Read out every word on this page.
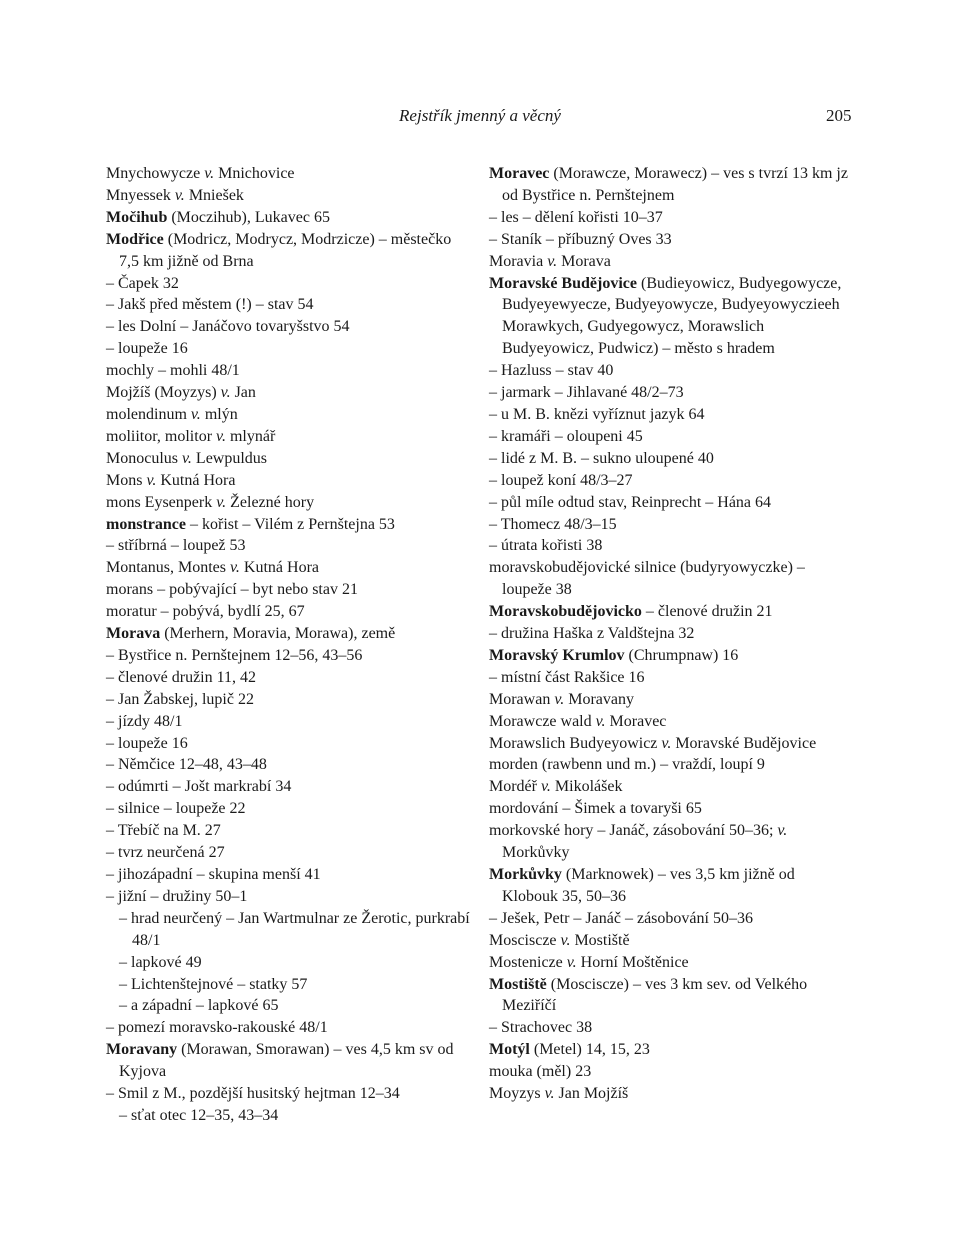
Rejstřík jmenný a věcný	205
Mnychowycze v. Mnichovice
Mnyessek v. Mniešek
Močihub (Moczihub), Lukavec 65
Modřice (Modricz, Modrycz, Modrzicze) – městečko 7,5 km jižně od Brna
– Čapek 32
– Jakš před městem (!) – stav 54
– les Dolní – Janáčovo tovaryšstvo 54
– loupeže 16
mochly – mohli 48/1
Mojžíš (Moyzys) v. Jan
molendinum v. mlýn
moliitor, molitor v. mlynář
Monoculus v. Lewpuldus
Mons v. Kutná Hora
mons Eysenperk v. Železné hory
monstrance – kořist – Vilém z Pernštejna 53
– stříbrná – loupež 53
Montanus, Montes v. Kutná Hora
morans – pobývající – byt nebo stav 21
moratur – pobývá, bydlí 25, 67
Morava (Merhern, Moravia, Morawa), země
– Bystřice n. Pernštejnem 12–56, 43–56
– členové družin 11, 42
– Jan Žabskej, lupič 22
– jízdy 48/1
– loupeže 16
– Němčice 12–48, 43–48
– odúmrti – Jošt markrabí 34
– silnice – loupeže 22
– Třebíč na M. 27
– tvrz neurčená 27
– jihozápadní – skupina menší 41
– jižní – družiny 50–1
– hrad neurčený – Jan Wartmulnar ze Žerotic, purkrabí 48/1
– lapkové 49
– Lichtenštejnové – statky 57
– a západní – lapkové 65
– pomezí moravsko-rakouské 48/1
Moravany (Morawan, Smorawan) – ves 4,5 km sv od Kyjova
– Smil z M., pozdější husitský hejtman 12–34
– sťat otec 12–35, 43–34
Moravec (Morawcze, Morawecz) – ves s tvrzí 13 km jz od Bystřice n. Pernštejnem
– les – dělení kořisti 10–37
– Staník – příbuzný Oves 33
Moravia v. Morava
Moravské Budějovice (Budieyowicz, Budyegowycze, Budyeyewyecze, Budyeyowycze, Budyeyowyczieeh Morawkych, Gudyegowycz, Morawslich Budyeyowicz, Pudwicz) – město s hradem
– Hazluss – stav 40
– jarmark – Jihlavané 48/2–73
– u M. B. knězi vyříznut jazyk 64
– kramáři – oloupeni 45
– lidé z M. B. – sukno uloupené 40
– loupež koní 48/3–27
– půl míle odtud stav, Reinprecht – Hána 64
– Thomecz 48/3–15
– útrata kořisti 38
moravskobudějovické silnice (budyryowyczke) – loupeže 38
Moravskobudějovicko – členové družin 21
– družina Haška z Valdštejna 32
Moravský Krumlov (Chrumpnaw) 16
– místní část Rakšice 16
Morawan v. Moravany
Morawcze wald v. Moravec
Morawslich Budyeyowicz v. Moravské Budějovice
morden (rawbenn und m.) – vraždí, loupí 9
Mordéř v. Mikolášek
mordování – Šimek a tovaryši 65
morkovské hory – Janáč, zásobování 50–36; v. Morkůvky
Morkůvky (Marknowek) – ves 3,5 km jižně od Klobouk 35, 50–36
– Ješek, Petr – Janáč – zásobování 50–36
Mosciscze v. Mostiště
Mostenicze v. Horní Moštěnice
Mostiště (Mosciscze) – ves 3 km sev. od Velkého Meziříčí
– Strachovec 38
Motýl (Metel) 14, 15, 23
mouka (měl) 23
Moyzys v. Jan Mojžíš
